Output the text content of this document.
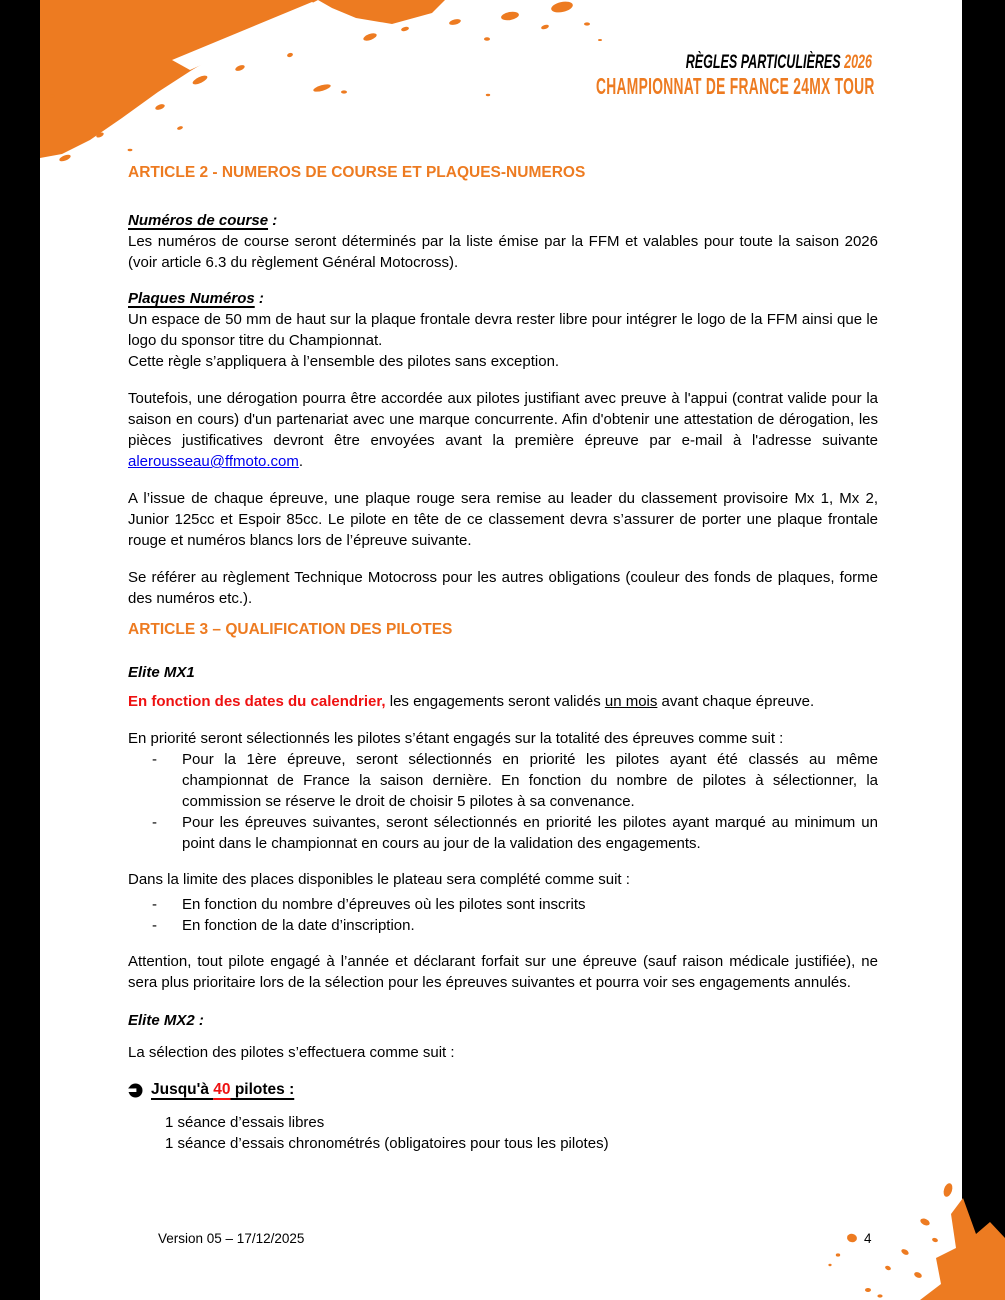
RÈGLES PARTICULIÈRES 2026
CHAMPIONNAT DE FRANCE 24MX TOUR

ARTICLE 2 - NUMEROS DE COURSE ET PLAQUES-NUMEROS

Numéros de course :

Les numéros de course seront déterminés par la liste émise par la FFM et valables pour toute la saison 2026 (voir article 6.3 du règlement Général Motocross).

Plaques Numéros :

Un espace de 50 mm de haut sur la plaque frontale devra rester libre pour intégrer le logo de la FFM ainsi que le logo du sponsor titre du Championnat.

Cette règle s’appliquera à l’ensemble des pilotes sans exception.

Toutefois, une dérogation pourra être accordée aux pilotes justifiant avec preuve à l'appui (contrat valide pour la saison en cours) d'un partenariat avec une marque concurrente. Afin d'obtenir une attestation de dérogation, les pièces justificatives devront être envoyées avant la première épreuve par e-mail à l'adresse suivante alerousseau@ffmoto.com.

A l’issue de chaque épreuve, une plaque rouge sera remise au leader du classement provisoire Mx 1, Mx 2, Junior 125cc et Espoir 85cc. Le pilote en tête de ce classement devra s’assurer de porter une plaque frontale rouge et numéros blancs lors de l’épreuve suivante.

Se référer au règlement Technique Motocross pour les autres obligations (couleur des fonds de plaques, forme des numéros etc.).

ARTICLE 3 – QUALIFICATION DES PILOTES

Elite MX1

En fonction des dates du calendrier, les engagements seront validés un mois avant chaque épreuve.

En priorité seront sélectionnés les pilotes s’étant engagés sur la totalité des épreuves comme suit :

-	Pour la 1ère épreuve, seront sélectionnés en priorité les pilotes ayant été classés au même championnat de France la saison dernière. En fonction du nombre de pilotes à sélectionner, la commission se réserve le droit de choisir 5 pilotes à sa convenance.
-	Pour les épreuves suivantes, seront sélectionnés en priorité les pilotes ayant marqué au minimum un point dans le championnat en cours au jour de la validation des engagements.

Dans la limite des places disponibles le plateau sera complété comme suit :

-	En fonction du nombre d’épreuves où les pilotes sont inscrits
-	En fonction de la date d’inscription.

Attention, tout pilote engagé à l’année et déclarant forfait sur une épreuve (sauf raison médicale justifiée), ne sera plus prioritaire lors de la sélection pour les épreuves suivantes et pourra voir ses engagements annulés.

Elite MX2 :

La sélection des pilotes s’effectuera comme suit :

Jusqu'à 40 pilotes :
1 séance d’essais libres
1 séance d’essais chronométrés (obligatoires pour tous les pilotes)
Version 05 – 17/12/2025	4
